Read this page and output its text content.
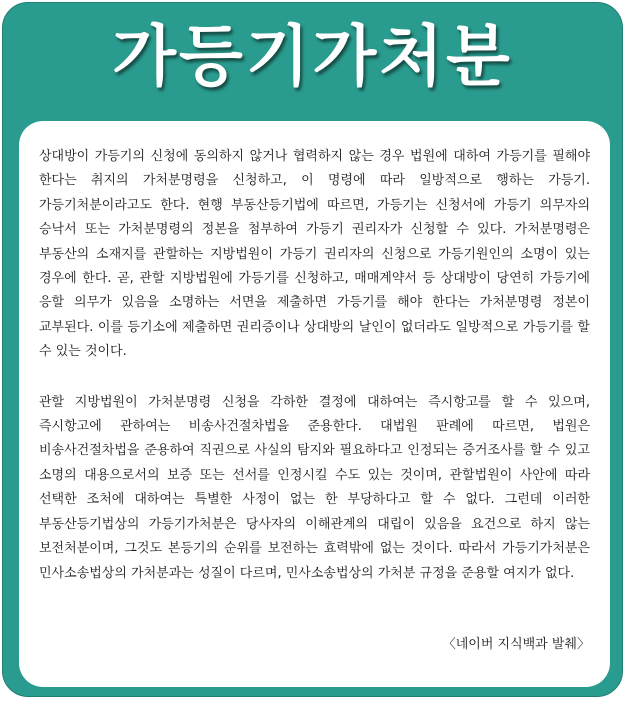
가등기가처분

상대방이 가등기의 신청에 동의하지 않거나 협력하지 않는 경우 법원에 대하여 가등기를 필해야 한다는 취지의 가처분명령을 신청하고, 이 명령에 따라 일방적으로 행하는 가등기. 가등기처분이라고도 한다. 현행 부동산등기법에 따르면, 가등기는 신청서에 가등기 의무자의 승낙서 또는 가처분명령의 정본을 첨부하여 가등기 권리자가 신청할 수 있다. 가처분명령은 부동산의 소재지를 관할하는 지방법원이 가등기 권리자의 신청으로 가등기원인의 소명이 있는 경우에 한다. 곧, 관할 지방법원에 가등기를 신청하고, 매매계약서 등 상대방이 당연히 가등기에 응할 의무가 있음을 소명하는 서면을 제출하면 가등기를 해야 한다는 가처분명령 정본이 교부된다. 이를 등기소에 제출하면 권리증이나 상대방의 날인이 없더라도 일방적으로 가등기를 할 수 있는 것이다.

관할 지방법원이 가처분명령 신청을 각하한 결정에 대하여는 즉시항고를 할 수 있으며, 즉시항고에 관하여는 비송사건절차법을 준용한다. 대법원 판례에 따르면, 법원은 비송사건절차법을 준용하여 직권으로 사실의 탐지와 필요하다고 인정되는 증거조사를 할 수 있고 소명의 대용으로서의 보증 또는 선서를 인정시킬 수도 있는 것이며, 관할법원이 사안에 따라 선택한 조처에 대하여는 특별한 사정이 없는 한 부당하다고 할 수 없다. 그런데 이러한 부동산등기법상의 가등기가처분은 당사자의 이해관계의 대립이 있음을 요건으로 하지 않는 보전처분이며, 그것도 본등기의 순위를 보전하는 효력밖에 없는 것이다. 따라서 가등기가처분은 민사소송법상의 가처분과는 성질이 다르며, 민사소송법상의 가처분 규정을 준용할 여지가 없다.

〈네이버 지식백과 발췌〉
